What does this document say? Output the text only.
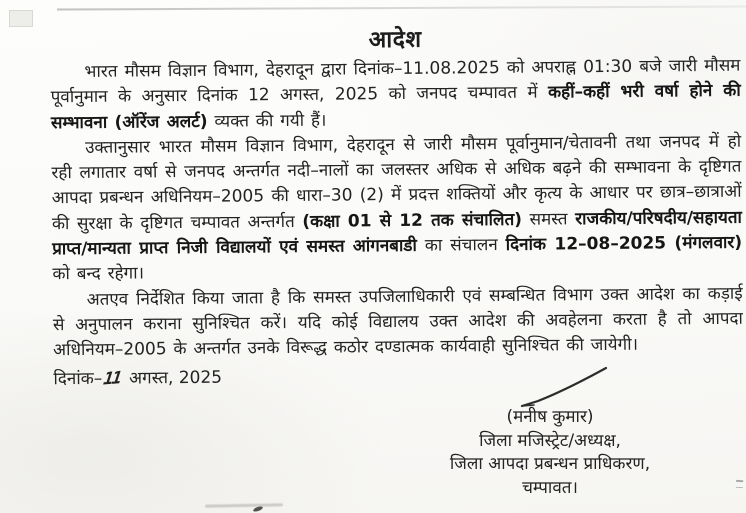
आदेश

भारत मौसम विज्ञान विभाग, देहरादून द्वारा दिनांक–11.08.2025 को अपराह्न 01:30 बजे जारी मौसम पूर्वानुमान के अनुसार दिनांक 12 अगस्त, 2025 को जनपद चम्पावत में कहीं–कहीं भरी वर्षा होने की सम्भावना (ऑरेंज अलर्ट) व्यक्त की गयी हैं।

उक्तानुसार भारत मौसम विज्ञान विभाग, देहरादून से जारी मौसम पूर्वानुमान/चेतावनी तथा जनपद में हो रही लगातार वर्षा से जनपद अन्तर्गत नदी–नालों का जलस्तर अधिक से अधिक बढ़ने की सम्भावना के दृष्टिगत आपदा प्रबन्धन अधिनियम–2005 की धारा–30 (2) में प्रदत्त शक्तियों और कृत्य के आधार पर छात्र–छात्राओं की सुरक्षा के दृष्टिगत चम्पावत अन्तर्गत (कक्षा 01 से 12 तक संचालित) समस्त राजकीय/परिषदीय/सहायता प्राप्त/मान्यता प्राप्त निजी विद्यालयों एवं समस्त आंगनबाडी का संचालन दिनांक 12–08–2025 (मंगलवार) को बन्द रहेगा।

अतएव निर्देशित किया जाता है कि समस्त उपजिलाधिकारी एवं सम्बन्धित विभाग उक्त आदेश का कड़ाई से अनुपालन कराना सुनिश्चित करें। यदि कोई विद्यालय उक्त आदेश की अवहेलना करता है तो आपदा अधिनियम–2005 के अन्तर्गत उनके विरूद्ध कठोर दण्डात्मक कार्यवाही सुनिश्चित की जायेगी।

दिनांक–11 अगस्त, 2025

(मनीष कुमार)
जिला मजिस्ट्रेट/अध्यक्ष,
जिला आपदा प्रबन्धन प्राधिकरण,
चम्पावत।
